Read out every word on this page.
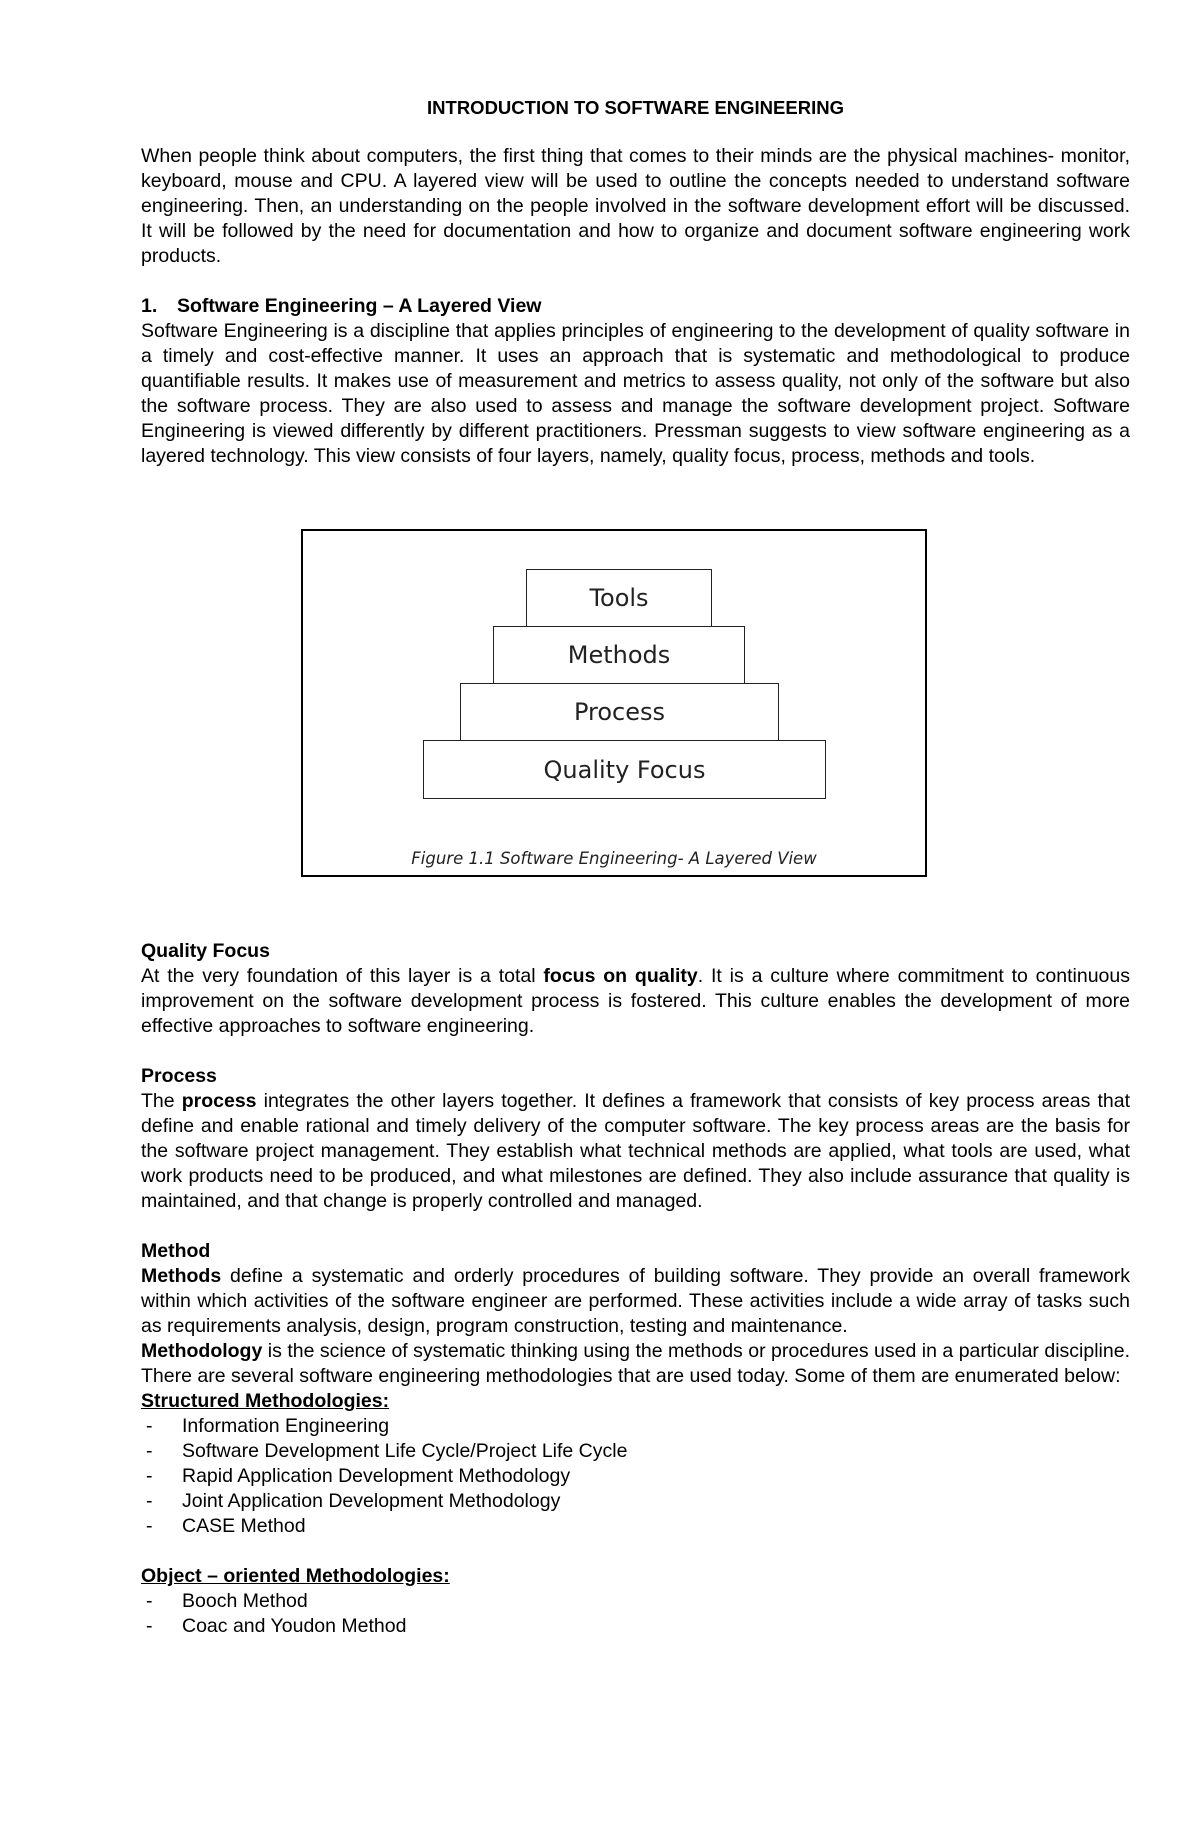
INTRODUCTION TO SOFTWARE ENGINEERING

When people think about computers, the first thing that comes to their minds are the physical machines- monitor, keyboard, mouse and CPU. A layered view will be used to outline the concepts needed to understand software engineering. Then, an understanding on the people involved in the software development effort will be discussed. It will be followed by the need for documentation and how to organize and document software engineering work products.

1. Software Engineering – A Layered View

Software Engineering is a discipline that applies principles of engineering to the development of quality software in a timely and cost-effective manner. It uses an approach that is systematic and methodological to produce quantifiable results. It makes use of measurement and metrics to assess quality, not only of the software but also the software process. They are also used to assess and manage the software development project. Software Engineering is viewed differently by different practitioners. Pressman suggests to view software engineering as a layered technology. This view consists of four layers, namely, quality focus, process, methods and tools.

Tools
Methods
Process
Quality Focus
Figure 1.1 Software Engineering- A Layered View
Quality Focus

At the very foundation of this layer is a total focus on quality. It is a culture where commitment to continuous improvement on the software development process is fostered. This culture enables the development of more effective approaches to software engineering.

Process

The process integrates the other layers together. It defines a framework that consists of key process areas that define and enable rational and timely delivery of the computer software. The key process areas are the basis for the software project management. They establish what technical methods are applied, what tools are used, what work products need to be produced, and what milestones are defined. They also include assurance that quality is maintained, and that change is properly controlled and managed.

Method

Methods define a systematic and orderly procedures of building software. They provide an overall framework within which activities of the software engineer are performed. These activities include a wide array of tasks such as requirements analysis, design, program construction, testing and maintenance.

Methodology is the science of systematic thinking using the methods or procedures used in a particular discipline. There are several software engineering methodologies that are used today. Some of them are enumerated below:

Structured Methodologies:
- Information Engineering
- Software Development Life Cycle/Project Life Cycle
- Rapid Application Development Methodology
- Joint Application Development Methodology
- CASE Method
Object – oriented Methodologies:
- Booch Method
- Coac and Youdon Method
